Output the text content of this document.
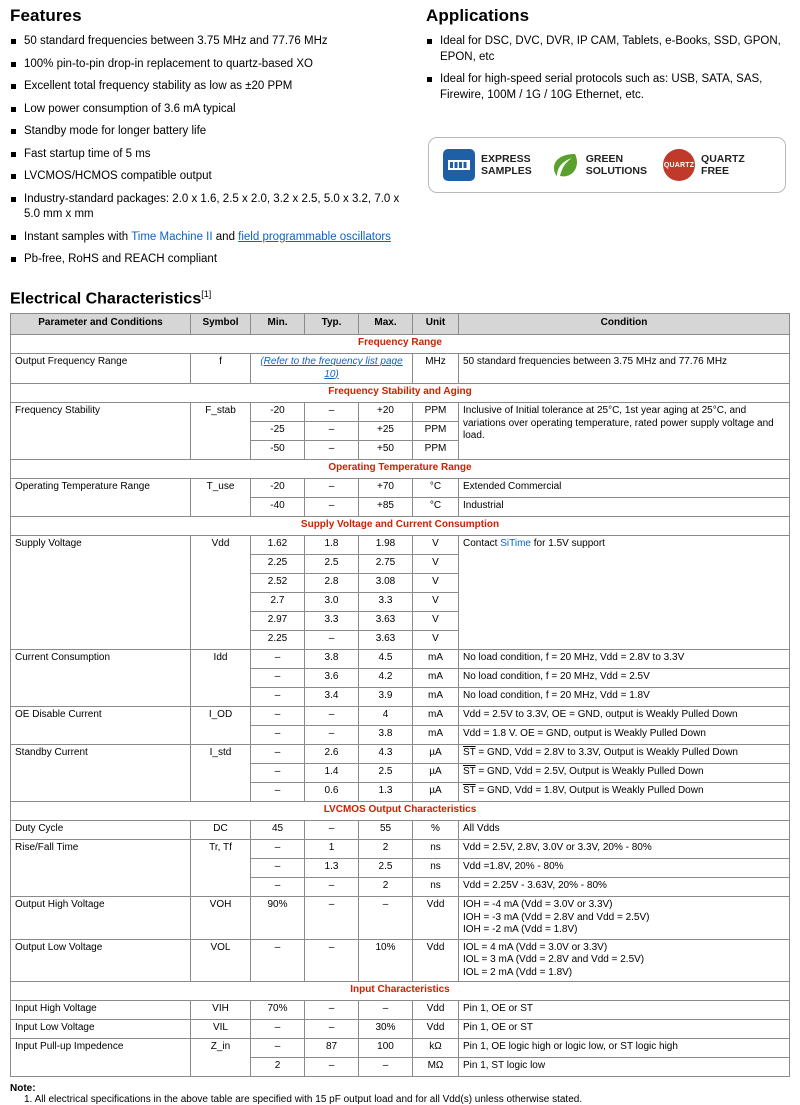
Features
50 standard frequencies between 3.75 MHz and 77.76 MHz
100% pin-to-pin drop-in replacement to quartz-based XO
Excellent total frequency stability as low as ±20 PPM
Low power consumption of 3.6 mA typical
Standby mode for longer battery life
Fast startup time of 5 ms
LVCMOS/HCMOS compatible output
Industry-standard packages: 2.0 x 1.6, 2.5 x 2.0, 3.2 x 2.5, 5.0 x 3.2, 7.0 x 5.0 mm x mm
Instant samples with Time Machine II and field programmable oscillators
Pb-free, RoHS and REACH compliant
Applications
Ideal for DSC, DVC, DVR, IP CAM, Tablets, e-Books, SSD, GPON, EPON, etc
Ideal for high-speed serial protocols such as: USB, SATA, SAS, Firewire, 100M / 1G / 10G Ethernet, etc.
EXPRESS
SAMPLES
GREEN
SOLUTIONS QUARTZ
QUARTZ
FREE
Electrical Characteristics[1]
Parameter and Conditions	Symbol	Min.	Typ.	Max.	Unit	Condition
Frequency Range						
Output Frequency Range	f	(Refer to the frequency list page 10)			MHz	50 standard frequencies between 3.75 MHz and 77.76 MHz
Frequency Stability and Aging						
Frequency Stability	F_stab	-20	–	+20	PPM	Inclusive of Initial tolerance at 25°C, 1st year aging at 25°C, and variations over operating temperature, rated power supply voltage and load.
		-25	–	+25	PPM	
		-50	–	+50	PPM	
Operating Temperature Range						
Operating Temperature Range	T_use	-20	–	+70	°C	Extended Commercial
		-40	–	+85	°C	Industrial
Supply Voltage and Current Consumption						
Supply Voltage	Vdd	1.62	1.8	1.98	V	Contact SiTime for 1.5V support
		2.25	2.5	2.75	V	
		2.52	2.8	3.08	V	
		2.7	3.0	3.3	V	
		2.97	3.3	3.63	V	
		2.25	–	3.63	V	
Current Consumption	Idd	–	3.8	4.5	mA	No load condition, f = 20 MHz, Vdd = 2.8V to 3.3V
		–	3.6	4.2	mA	No load condition, f = 20 MHz, Vdd = 2.5V
		–	3.4	3.9	mA	No load condition, f = 20 MHz, Vdd = 1.8V
OE Disable Current	I_OD	–	–	4	mA	Vdd = 2.5V to 3.3V, OE = GND, output is Weakly Pulled Down
		–	–	3.8	mA	Vdd = 1.8 V. OE = GND, output is Weakly Pulled Down
Standby Current	I_std	–	2.6	4.3	µA	$\overline{ST}$ = GND, Vdd = 2.8V to 3.3V, Output is Weakly Pulled Down
		–	1.4	2.5	µA	$\overline{ST}$ = GND, Vdd = 2.5V, Output is Weakly Pulled Down
		–	0.6	1.3	µA	$\overline{ST}$ = GND, Vdd = 1.8V, Output is Weakly Pulled Down
LVCMOS Output Characteristics						
Duty Cycle	DC	45	–	55	%	All Vdds
Rise/Fall Time	Tr, Tf	–	1	2	ns	Vdd = 2.5V, 2.8V, 3.0V or 3.3V, 20% - 80%
		–	1.3	2.5	ns	Vdd =1.8V, 20% - 80%
		–	–	2	ns	Vdd = 2.25V - 3.63V, 20% - 80%
Output High Voltage	VOH	90%	–	–	Vdd	IOH = -4 mA (Vdd = 3.0V or 3.3V)
IOH = -3 mA (Vdd = 2.8V and Vdd = 2.5V)
IOH = -2 mA (Vdd = 1.8V)
Output Low Voltage	VOL	–	–	10%	Vdd	IOL = 4 mA (Vdd = 3.0V or 3.3V)
IOL = 3 mA (Vdd = 2.8V and Vdd = 2.5V)
IOL = 2 mA (Vdd = 1.8V)
Input Characteristics						
Input High Voltage	VIH	70%	–	–	Vdd	Pin 1, OE or ST
Input Low Voltage	VIL	–	–	30%	Vdd	Pin 1, OE or ST
Input Pull-up Impedence	Z_in	–	87	100	kΩ	Pin 1, OE logic high or logic low, or ST logic high
		2	–	–	MΩ	Pin 1, ST logic low
Note:
1. All electrical specifications in the above table are specified with 15 pF output load and for all Vdd(s) unless otherwise stated.
